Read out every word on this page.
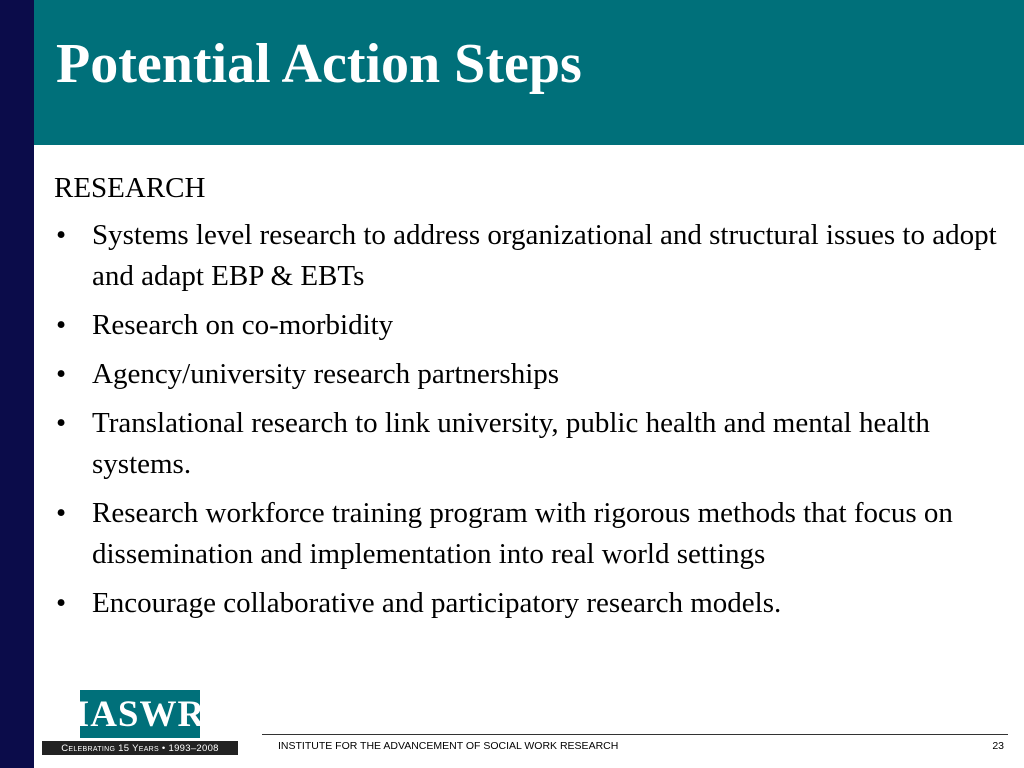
Potential Action Steps

RESEARCH

• Systems level research to address organizational and structural issues to adopt and adapt EBP & EBTs
• Research on co-morbidity
• Agency/university research partnerships
• Translational research to link university, public health and mental health systems.
• Research workforce training program with rigorous methods that focus on dissemination and implementation into real world settings
• Encourage collaborative and participatory research models.
IASWR
Celebrating 15 Years • 1993–2008	INSTITUTE FOR THE ADVANCEMENT OF SOCIAL WORK RESEARCH	23
